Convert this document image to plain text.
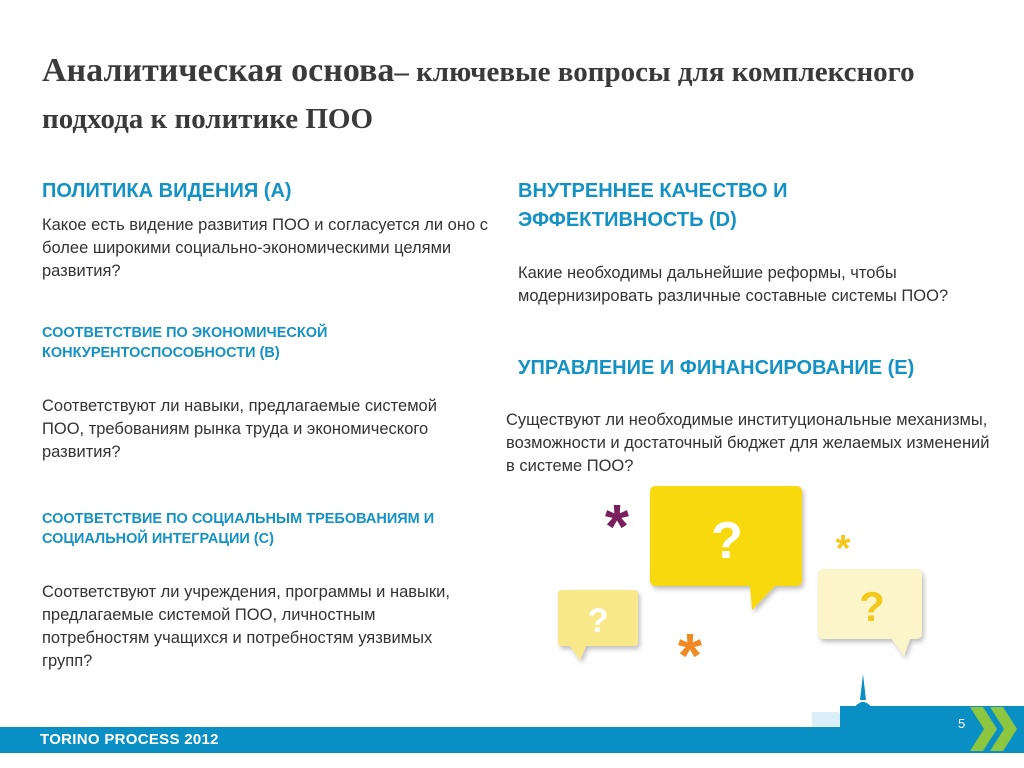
Аналитическая основа– ключевые вопросы для комплексного подхода к политике ПОО
ПОЛИТИКА ВИДЕНИЯ (A)
Какое есть видение развития ПОО и согласуется ли оно с более широкими социально-экономическими целями развития?
СООТВЕТСТВИЕ ПО ЭКОНОМИЧЕСКОЙ КОНКУРЕНТОСПОСОБНОСТИ (B)
Соответствуют ли навыки, предлагаемые системой ПОО, требованиям рынка труда и экономического развития?
СООТВЕТСТВИЕ ПО СОЦИАЛЬНЫМ ТРЕБОВАНИЯМ И СОЦИАЛЬНОЙ ИНТЕГРАЦИИ (C)
Соответствуют ли учреждения, программы и навыки, предлагаемые системой ПОО, личностным потребностям учащихся и потребностям уязвимых групп?
ВНУТРЕННЕЕ КАЧЕСТВО И ЭФФЕКТИВНОСТЬ (D)
Какие необходимы дальнейшие реформы, чтобы модернизировать различные составные системы ПОО?
УПРАВЛЕНИЕ И ФИНАНСИРОВАНИЕ (E)
Существуют ли необходимые институциональные механизмы, возможности и достаточный бюджет для желаемых изменений в системе ПОО?
?
?	?
*	*
*
TORINO PROCESS 2012
5
